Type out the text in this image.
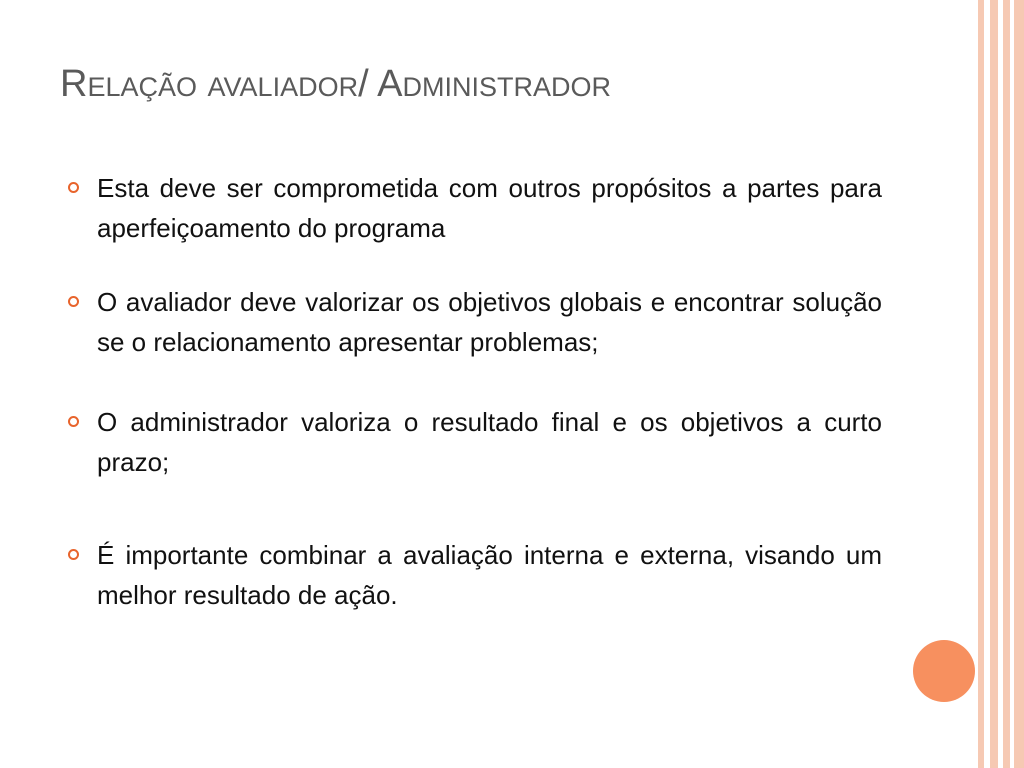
Relação avaliador/ Administrador
Esta deve ser comprometida com outros propósitos a partes para aperfeiçoamento do programa
O avaliador deve valorizar os objetivos globais e encontrar solução se o relacionamento apresentar problemas;
O administrador valoriza o resultado final e os objetivos a curto prazo;
É importante combinar a avaliação interna e externa, visando um melhor resultado de ação.
